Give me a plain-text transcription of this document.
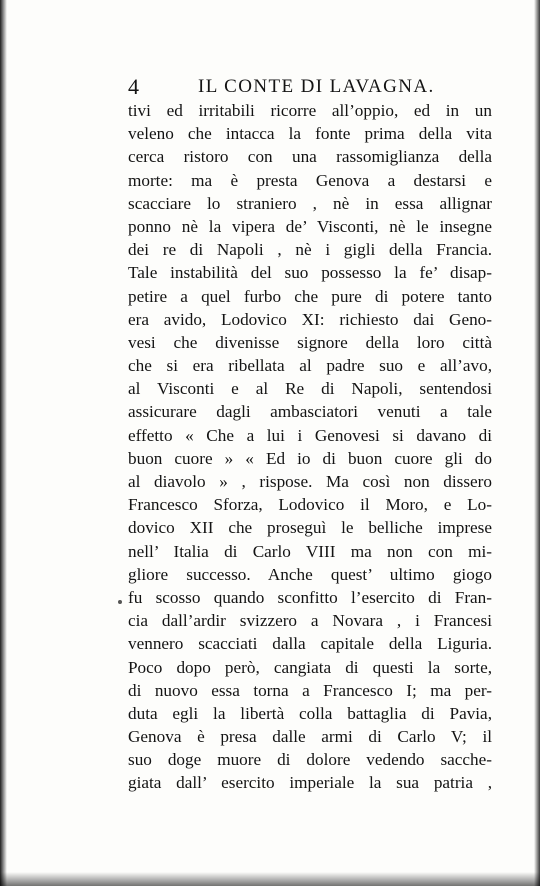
4	IL CONTE DI LAVAGNA.
tivi ed irritabili ricorre all’oppio, ed in un
veleno che intacca la fonte prima della vita
cerca ristoro con una rassomiglianza della
morte: ma è presta Genova a destarsi e
scacciare lo straniero , nè in essa allignar
ponno nè la vipera de’ Visconti, nè le insegne
dei re di Napoli , nè i gigli della Francia.
Tale instabilità del suo possesso la fe’ disap-
petire a quel furbo che pure di potere tanto
era avido, Lodovico XI: richiesto dai Geno-
vesi che divenisse signore della loro città
che si era ribellata al padre suo e all’avo,
al Visconti e al Re di Napoli, sentendosi
assicurare dagli ambasciatori venuti a tale
effetto « Che a lui i Genovesi si davano di
buon cuore » « Ed io di buon cuore gli do
al diavolo » , rispose. Ma così non dissero
Francesco Sforza, Lodovico il Moro, e Lo-
dovico XII che proseguì le belliche imprese
nell’ Italia di Carlo VIII ma non con mi-
gliore successo. Anche quest’ ultimo giogo
fu scosso quando sconfitto l’esercito di Fran-
cia dall’ardir svizzero a Novara , i Francesi
vennero scacciati dalla capitale della Liguria.
Poco dopo però, cangiata di questi la sorte,
di nuovo essa torna a Francesco I; ma per-
duta egli la libertà colla battaglia di Pavia,
Genova è presa dalle armi di Carlo V; il
suo doge muore di dolore vedendo sacche-
giata dall’ esercito imperiale la sua patria ,
